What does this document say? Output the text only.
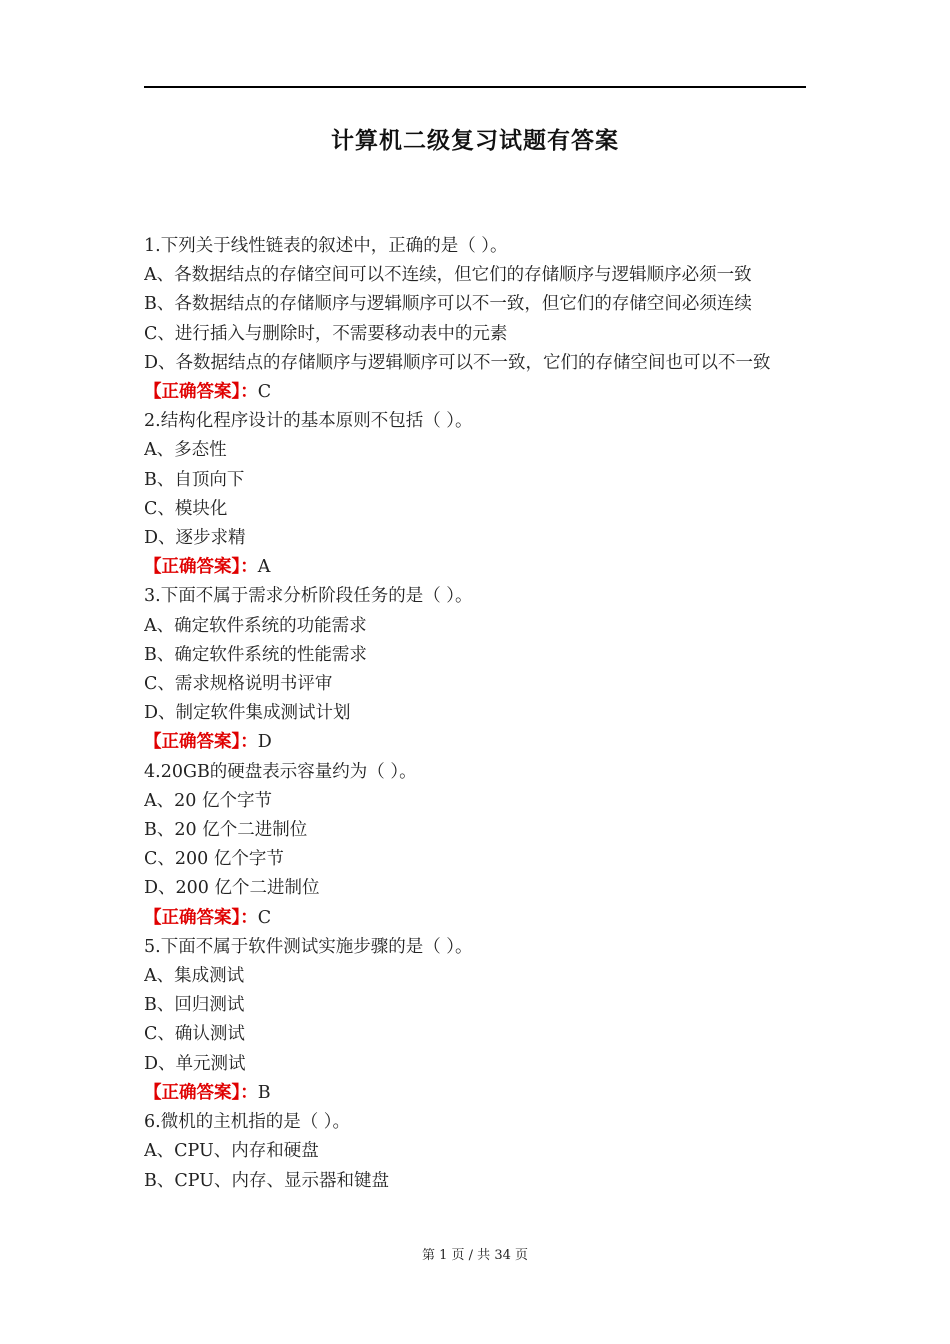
计算机二级复习试题有答案
1.下列关于线性链表的叙述中，正确的是（ ）。
A、各数据结点的存储空间可以不连续，但它们的存储顺序与逻辑顺序必须一致
B、各数据结点的存储顺序与逻辑顺序可以不一致，但它们的存储空间必须连续
C、进行插入与删除时，不需要移动表中的元素
D、各数据结点的存储顺序与逻辑顺序可以不一致，它们的存储空间也可以不一致
【正确答案】：C
2.结构化程序设计的基本原则不包括（ ）。
A、多态性
B、自顶向下
C、模块化
D、逐步求精
【正确答案】：A
3.下面不属于需求分析阶段任务的是（ ）。
A、确定软件系统的功能需求
B、确定软件系统的性能需求
C、需求规格说明书评审
D、制定软件集成测试计划
【正确答案】：D
4.20GB的硬盘表示容量约为（ ）。
A、20 亿个字节
B、20 亿个二进制位
C、200 亿个字节
D、200 亿个二进制位
【正确答案】：C
5.下面不属于软件测试实施步骤的是（ ）。
A、集成测试
B、回归测试
C、确认测试
D、单元测试
【正确答案】：B
6.微机的主机指的是（ ）。
A、CPU、内存和硬盘
B、CPU、内存、显示器和键盘
第 1 页 / 共 34 页
